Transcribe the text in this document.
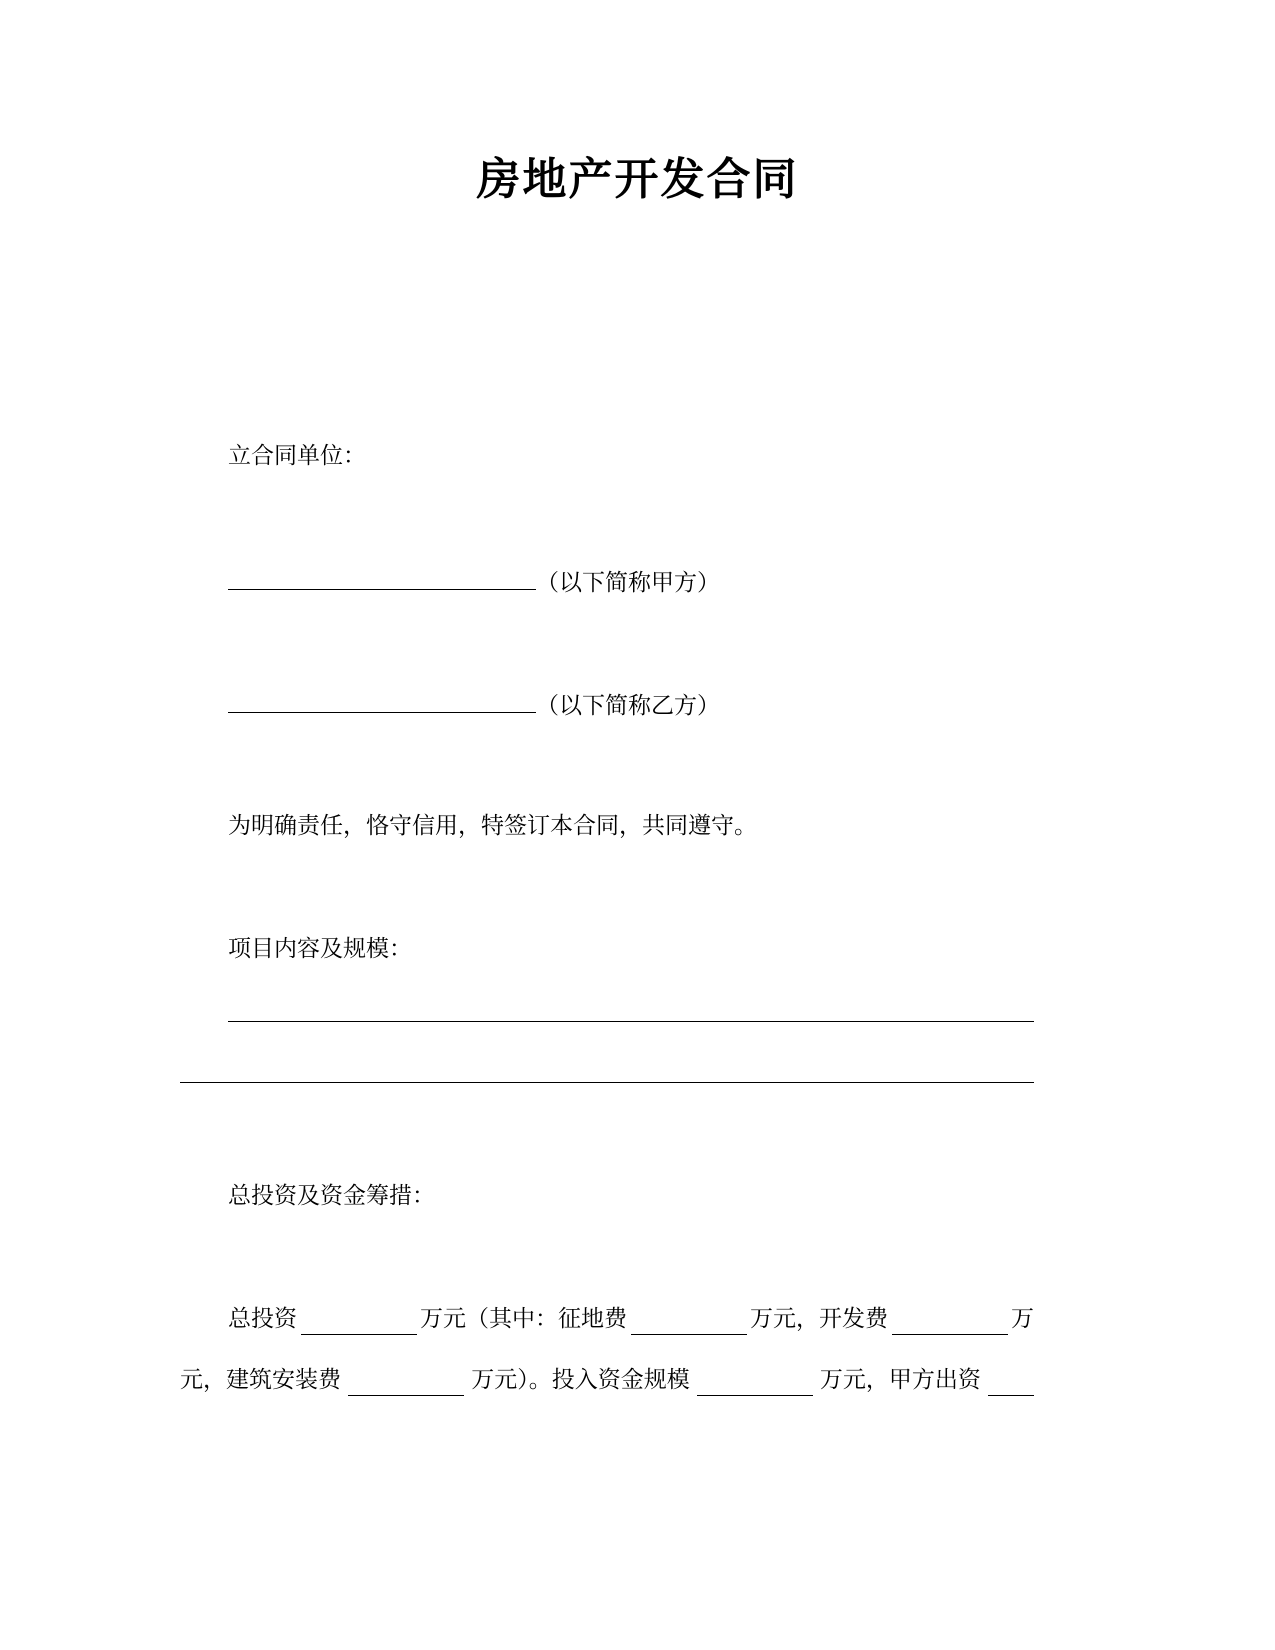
房地产开发合同
立合同单位：
（以下简称甲方）
（以下简称乙方）
为明确责任，恪守信用，特签订本合同，共同遵守。
项目内容及规模：
总投资及资金筹措：
总投资	万元（其中：征地费	万元，开发费	万
元，建筑安装费	万元）。投入资金规模	万元，甲方出资
